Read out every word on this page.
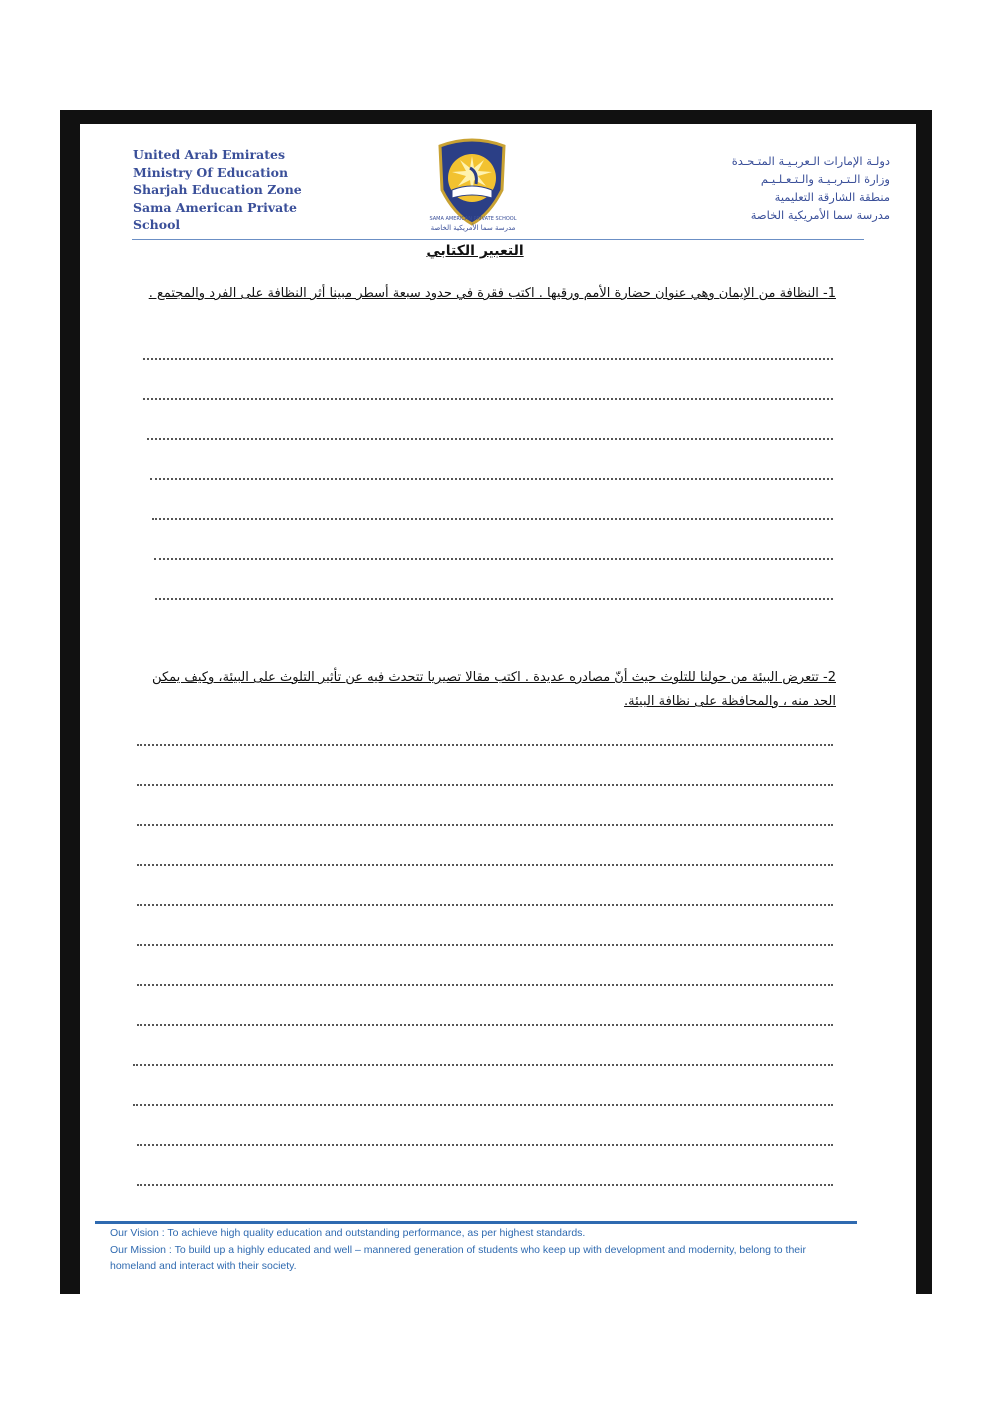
United Arab Emirates
Ministry Of Education
Sharjah Education Zone
Sama American Private
School	SAMA AMERICAN PRIVATE SCHOOL
مدرسة سما الأمريكية الخاصة
دولـة الإمارات الـعربـيـة المتـحـدة
وزارة الـتـربـيـة والـتـعـلـيـم
منطقة الشارقة التعليمية
مدرسة سما الأمريكية الخاصة
التعبير الكتابي
1- النظافة من الإيمان وهي عنوان حضارة الأمم ورقيها . اكتب فقرة في حدود سبعة أسطر مبينا أثر النظافة على الفرد والمجتمع .
2- تتعرض البيئة من حولنا للتلوث حيث أنّ مصادره عديدة . اكتب مقالا تصيريا تتحدث فيه عن تأثير التلوث على البيئة، وكيف يمكن الحد منه ، والمحافظة على نظافة البيئة.
Our Vision : To achieve high quality education and outstanding performance, as per highest standards.
Our Mission : To build up a highly educated and well – mannered generation of students who keep up with development and modernity, belong to their homeland and interact with their society.
